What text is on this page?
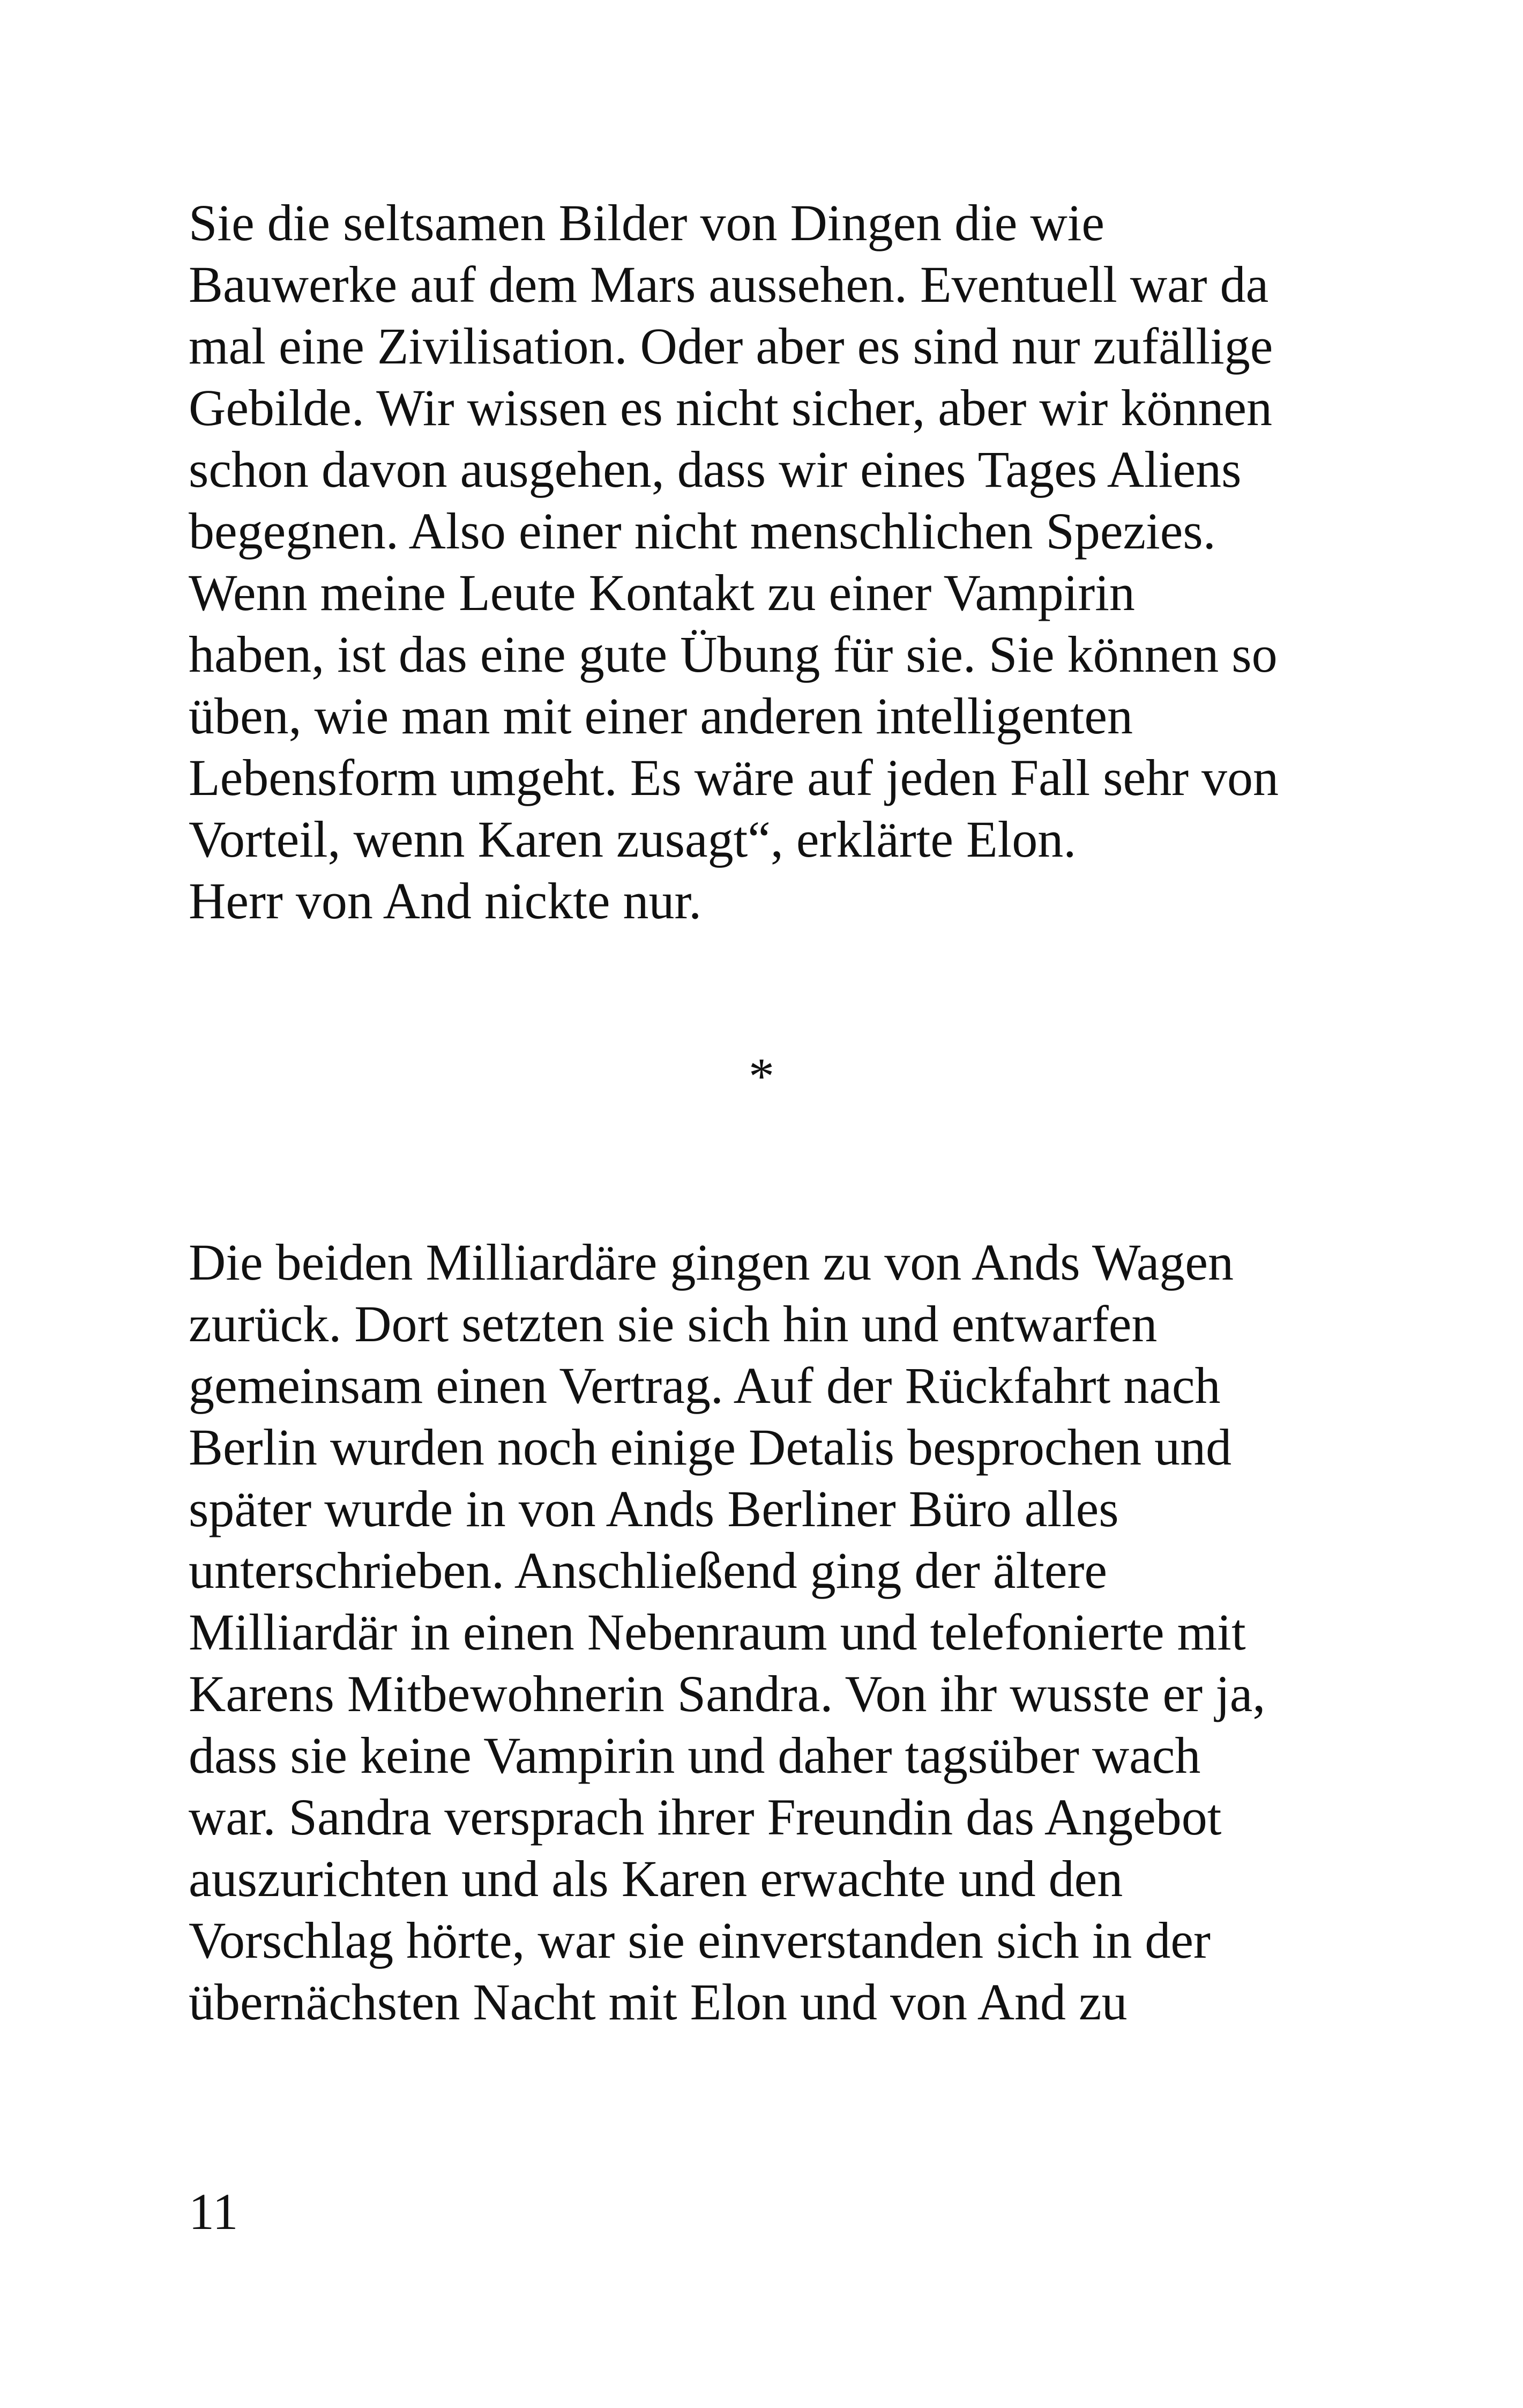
Sie die seltsamen Bilder von Dingen die wie
Bauwerke auf dem Mars aussehen. Eventuell war da
mal eine Zivilisation. Oder aber es sind nur zufällige
Gebilde. Wir wissen es nicht sicher, aber wir können
schon davon ausgehen, dass wir eines Tages Aliens
begegnen. Also einer nicht menschlichen Spezies.
Wenn meine Leute Kontakt zu einer Vampirin
haben, ist das eine gute Übung für sie. Sie können so
üben, wie man mit einer anderen intelligenten
Lebensform umgeht. Es wäre auf jeden Fall sehr von
Vorteil, wenn Karen zusagt“, erklärte Elon.
Herr von And nickte nur.
*
Die beiden Milliardäre gingen zu von Ands Wagen
zurück. Dort setzten sie sich hin und entwarfen
gemeinsam einen Vertrag. Auf der Rückfahrt nach
Berlin wurden noch einige Detalis besprochen und
später wurde in von Ands Berliner Büro alles
unterschrieben. Anschließend ging der ältere
Milliardär in einen Nebenraum und telefonierte mit
Karens Mitbewohnerin Sandra. Von ihr wusste er ja,
dass sie keine Vampirin und daher tagsüber wach
war. Sandra versprach ihrer Freundin das Angebot
auszurichten und als Karen erwachte und den
Vorschlag hörte, war sie einverstanden sich in der
übernächsten Nacht mit Elon und von And zu
11
